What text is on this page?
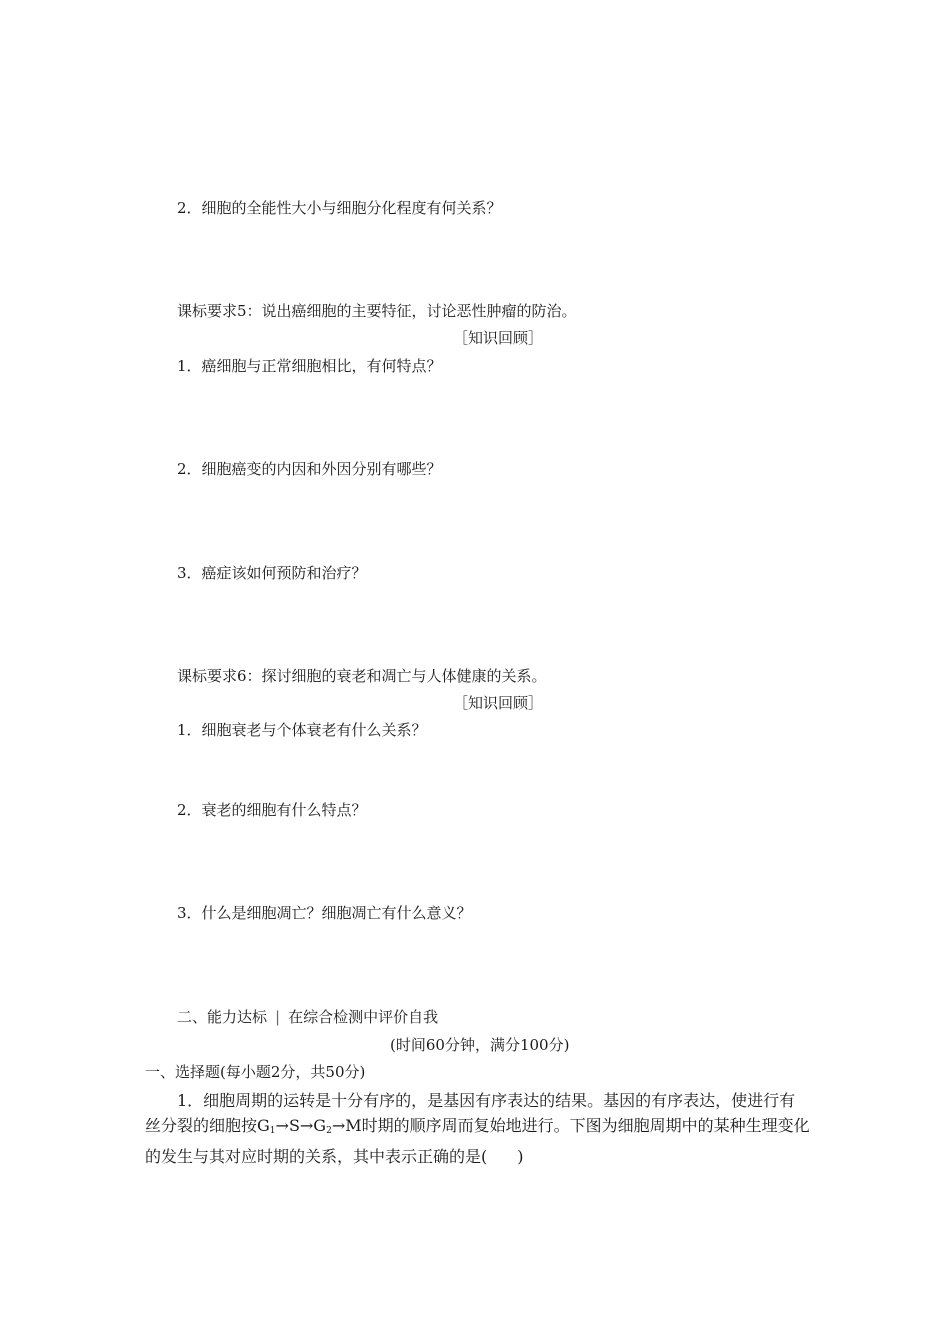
2．细胞的全能性大小与细胞分化程度有何关系？
课标要求5：说出癌细胞的主要特征，讨论恶性肿瘤的防治。
［知识回顾］
1．癌细胞与正常细胞相比，有何特点？
2．细胞癌变的内因和外因分别有哪些？
3．癌症该如何预防和治疗？
课标要求6：探讨细胞的衰老和凋亡与人体健康的关系。
［知识回顾］
1．细胞衰老与个体衰老有什么关系？
2．衰老的细胞有什么特点？
3．什么是细胞凋亡？细胞凋亡有什么意义？
二、能力达标 | 在综合检测中评价自我
(时间60分钟，满分100分)
一、选择题(每小题2分，共50分)
1．细胞周期的运转是十分有序的，是基因有序表达的结果。基因的有序表达，使进行有丝分裂的细胞按$G_1\to S\to G_2\to M$时期的顺序周而复始地进行。下图为细胞周期中的某种生理变化的发生与其对应时期的关系，其中表示正确的是( )
